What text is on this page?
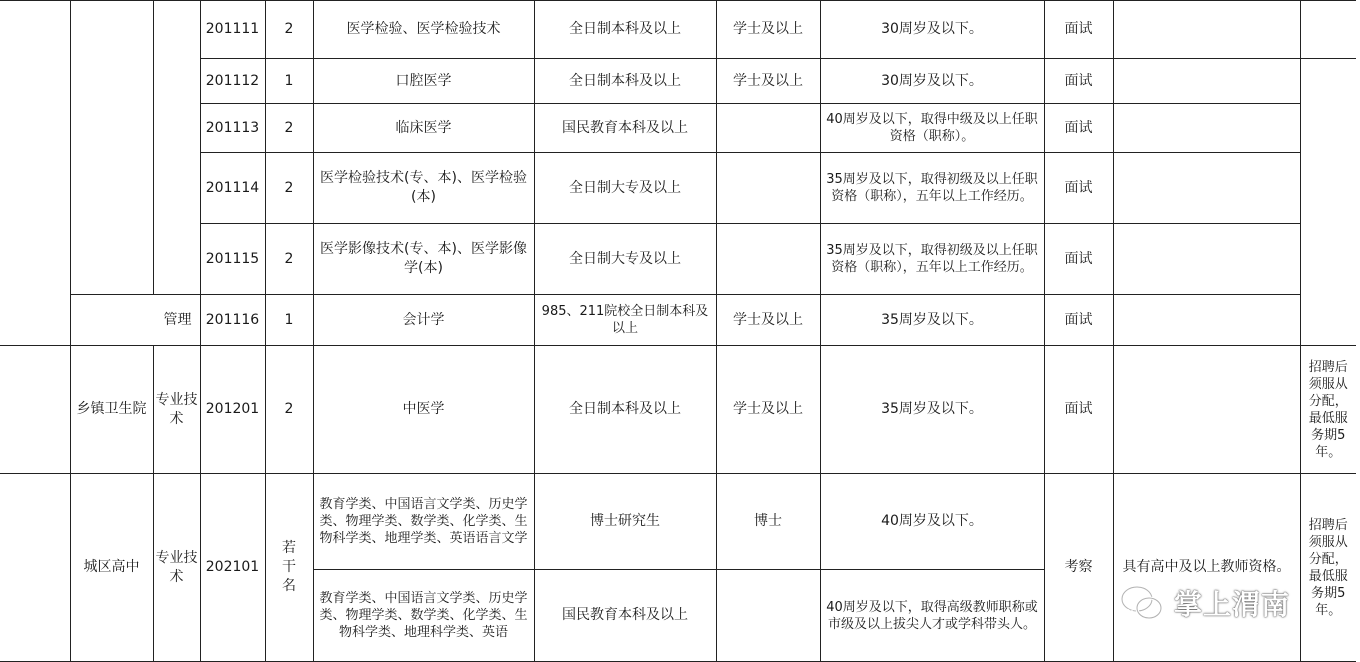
			201111	2	医学检验、医学检验技术	全日制本科及以上	学士及以上	30周岁及以下。	面试		
			201112	1	口腔医学	全日制本科及以上	学士及以上	30周岁及以下。	面试		
			201113	2	临床医学	国民教育本科及以上		40周岁及以下，取得中级及以上任职资格（职称）。	面试		
			201114	2	医学检验技术(专、本)、医学检验(本)	全日制大专及以上		35周岁及以下，取得初级及以上任职资格（职称），五年以上工作经历。	面试		
			201115	2	医学影像技术(专、本)、医学影像学(本)	全日制大专及以上		35周岁及以下，取得初级及以上任职资格（职称），五年以上工作经历。	面试		
	管理		201116	1	会计学	985、211院校全日制本科及以上	学士及以上	35周岁及以下。	面试		
	乡镇卫生院	专业技术	201201	2	中医学	全日制本科及以上	学士及以上	35周岁及以下。	面试		招聘后须服从分配，最低服务期5年。
	城区高中	专业技术	202101	若干名	教育学类、中国语言文学类、历史学类、物理学类、数学类、化学类、生物科学类、地理学类、英语语言文学	博士研究生	博士	40周岁及以下。	考察	具有高中及以上教师资格。	招聘后须服从分配，最低服务期5年。
					教育学类、中国语言文学类、历史学类、物理学类、数学类、化学类、生物科学类、地理科学类、英语	国民教育本科及以上		40周岁及以下，取得高级教师职称或市级及以上拔尖人才或学科带头人。			
掌上渭南
